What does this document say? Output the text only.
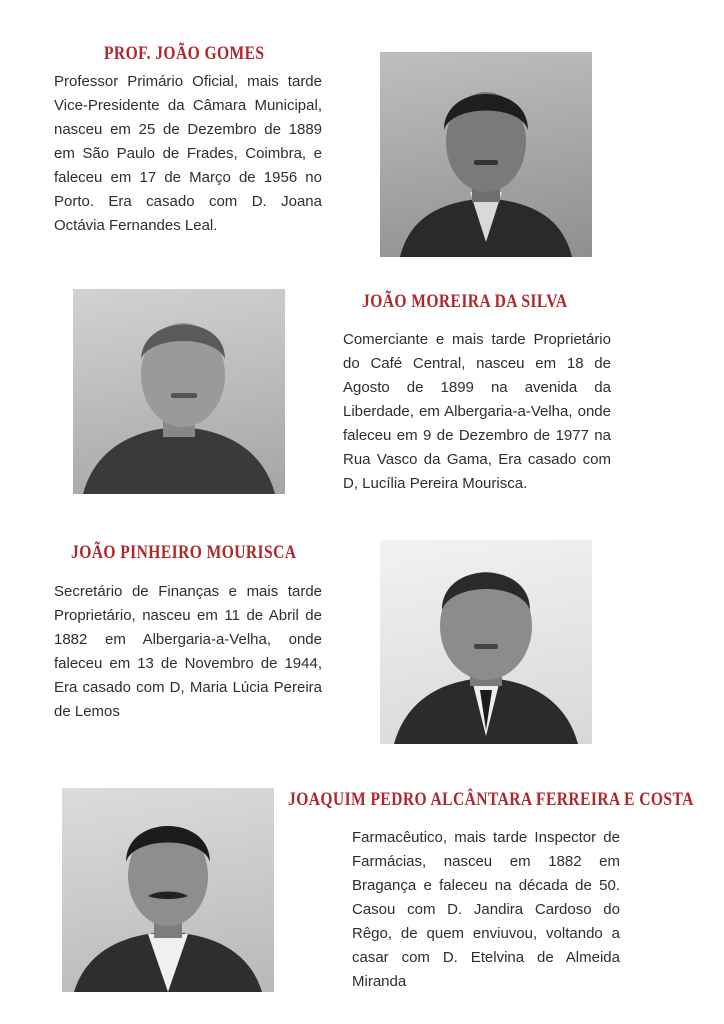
PROF. JOÃO GOMES

Professor Primário Oficial, mais tarde Vice-Presidente da Câmara Municipal, nasceu em 25 de Dezembro de 1889 em São Paulo de Frades, Coimbra, e faleceu em 17 de Março de 1956 no Porto. Era casado com D. Joana Octávia Fernandes Leal.

JOÃO MOREIRA DA SILVA

Comerciante e mais tarde Proprietário do Café Central, nasceu em 18 de Agosto de 1899 na avenida da Liberdade, em Albergaria-a-Velha, onde faleceu em 9 de Dezembro de 1977 na Rua Vasco da Gama, Era casado com D, Lucília Pereira Mourisca.

JOÃO PINHEIRO MOURISCA

Secretário de Finanças e mais tarde Proprietário, nasceu em 11 de Abril de 1882 em Albergaria-a-Velha, onde faleceu em 13 de Novembro de 1944, Era casado com D, Maria Lúcia Pereira de Lemos

JOAQUIM PEDRO ALCÂNTARA FERREIRA E COSTA

Farmacêutico, mais tarde Inspector de Farmácias, nasceu em 1882 em Bragança e faleceu na década de 50. Casou com D. Jandira Cardoso do Rêgo, de quem enviuvou, voltando a casar com D. Etelvina de Almeida Miranda
